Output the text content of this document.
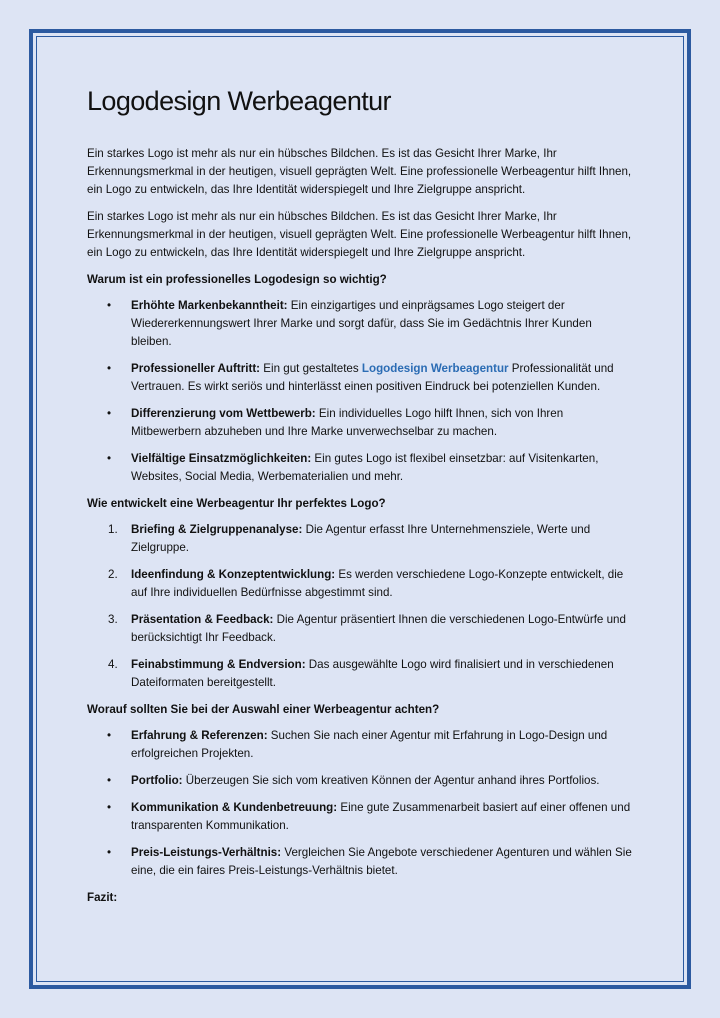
Logodesign Werbeagentur

Ein starkes Logo ist mehr als nur ein hübsches Bildchen. Es ist das Gesicht Ihrer Marke, Ihr Erkennungsmerkmal in der heutigen, visuell geprägten Welt. Eine professionelle Werbeagentur hilft Ihnen, ein Logo zu entwickeln, das Ihre Identität widerspiegelt und Ihre Zielgruppe anspricht.

Ein starkes Logo ist mehr als nur ein hübsches Bildchen. Es ist das Gesicht Ihrer Marke, Ihr Erkennungsmerkmal in der heutigen, visuell geprägten Welt. Eine professionelle Werbeagentur hilft Ihnen, ein Logo zu entwickeln, das Ihre Identität widerspiegelt und Ihre Zielgruppe anspricht.

Warum ist ein professionelles Logodesign so wichtig?

• Erhöhte Markenbekanntheit: Ein einzigartiges und einprägsames Logo steigert der Wiedererkennungswert Ihrer Marke und sorgt dafür, dass Sie im Gedächtnis Ihrer Kunden bleiben.
• Professioneller Auftritt: Ein gut gestaltetes Logodesign Werbeagentur Professionalität und Vertrauen. Es wirkt seriös und hinterlässt einen positiven Eindruck bei potenziellen Kunden.
• Differenzierung vom Wettbewerb: Ein individuelles Logo hilft Ihnen, sich von Ihren Mitbewerbern abzuheben und Ihre Marke unverwechselbar zu machen.
• Vielfältige Einsatzmöglichkeiten: Ein gutes Logo ist flexibel einsetzbar: auf Visitenkarten, Websites, Social Media, Werbematerialien und mehr.

Wie entwickelt eine Werbeagentur Ihr perfektes Logo?

1. Briefing & Zielgruppenanalyse: Die Agentur erfasst Ihre Unternehmensziele, Werte und Zielgruppe.
2. Ideenfindung & Konzeptentwicklung: Es werden verschiedene Logo-Konzepte entwickelt, die auf Ihre individuellen Bedürfnisse abgestimmt sind.
3. Präsentation & Feedback: Die Agentur präsentiert Ihnen die verschiedenen Logo-Entwürfe und berücksichtigt Ihr Feedback.
4. Feinabstimmung & Endversion: Das ausgewählte Logo wird finalisiert und in verschiedenen Dateiformaten bereitgestellt.

Worauf sollten Sie bei der Auswahl einer Werbeagentur achten?

• Erfahrung & Referenzen: Suchen Sie nach einer Agentur mit Erfahrung in Logo-Design und erfolgreichen Projekten.
• Portfolio: Überzeugen Sie sich vom kreativen Können der Agentur anhand ihres Portfolios.
• Kommunikation & Kundenbetreuung: Eine gute Zusammenarbeit basiert auf einer offenen und transparenten Kommunikation.
• Preis-Leistungs-Verhältnis: Vergleichen Sie Angebote verschiedener Agenturen und wählen Sie eine, die ein faires Preis-Leistungs-Verhältnis bietet.

Fazit:
